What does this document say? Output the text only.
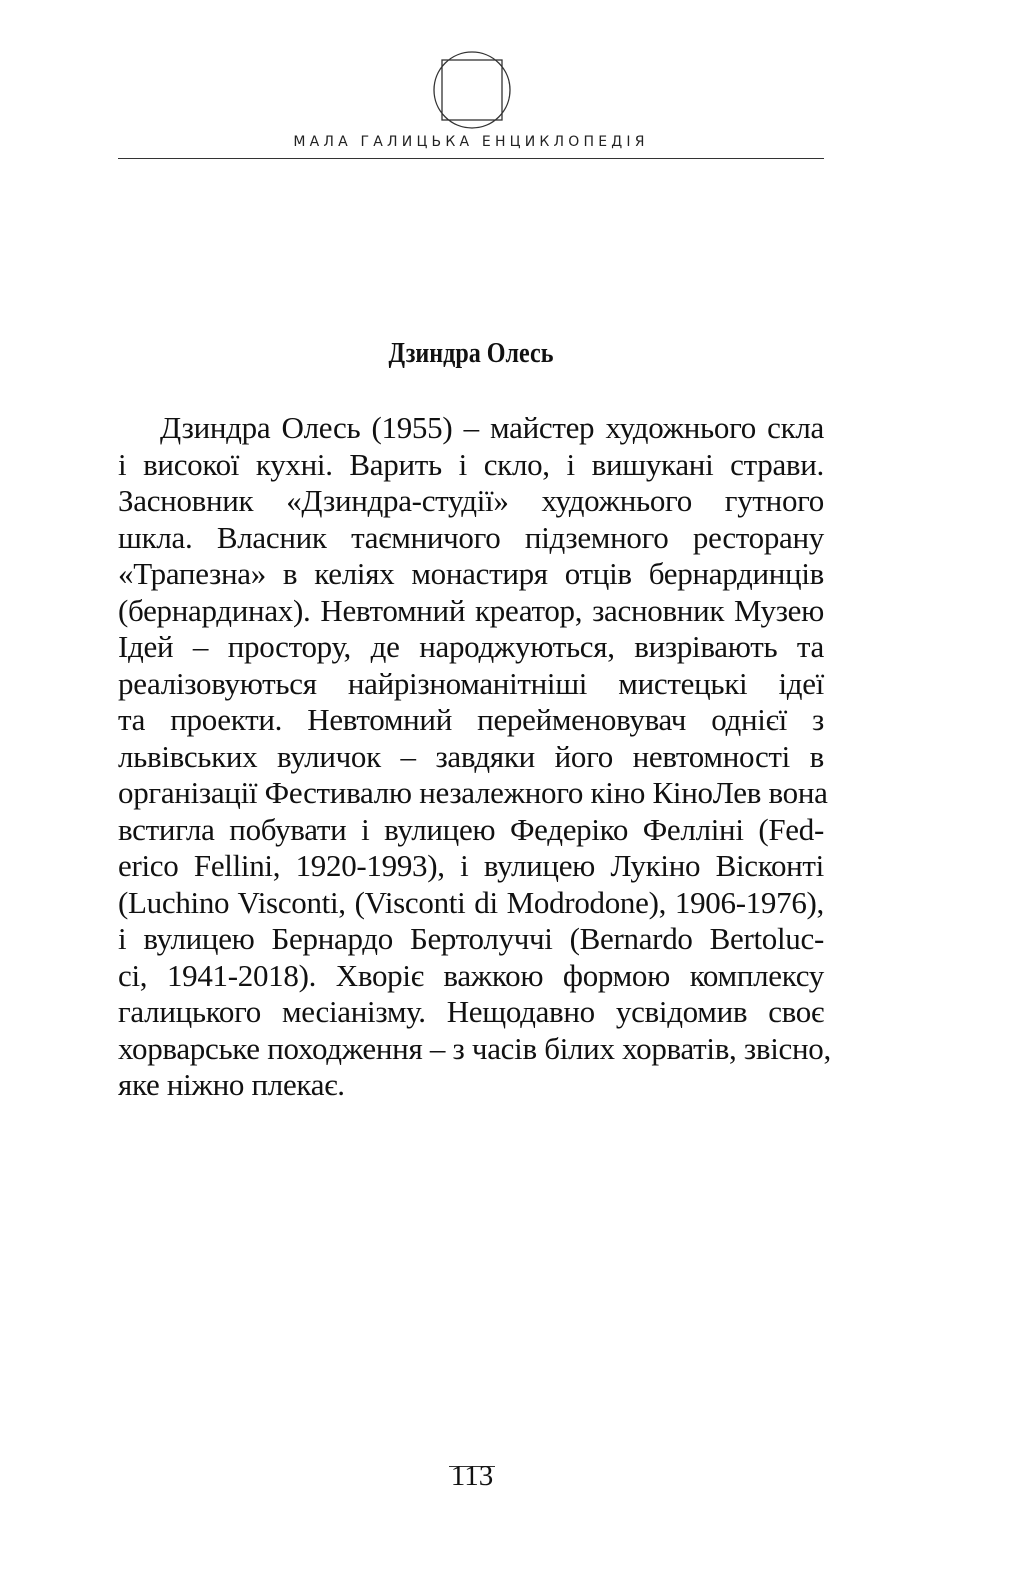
МАЛА ГАЛИЦЬКА ЕНЦИКЛОПЕДІЯ
Дзиндра Олесь
Дзиндра Олесь (1955) – майстер художнього скла
і високої кухні. Варить і скло, і вишукані страви.
Засновник «Дзиндра-студії» художнього гутного
шкла. Власник таємничого підземного ресторану
«Трапезна» в келіях монастиря отців бернардинців
(бернардинах). Невтомний креатор, засновник Музею
Ідей – простору, де народжуються, визрівають та
реалізовуються найрізноманітніші мистецькі ідеї
та проекти. Невтомний перейменовувач однієї з
львівських вуличок – завдяки його невтомності в
організації Фестивалю незалежного кіно КіноЛев вона
встигла побувати і вулицею Федеріко Фелліні (Fed-
erico Fellini, 1920-1993), і вулицею Лукіно Вісконті
(Luchino Visconti, (Visconti di Modrodone), 1906-1976),
і вулицею Бернардо Бертолуччі (Bernardo Bertoluc-
ci, 1941-2018). Хворіє важкою формою комплексу
галицького месіанізму. Нещодавно усвідомив своє
хорварське походження – з часів білих хорватів, звісно,
яке ніжно плекає.
113
